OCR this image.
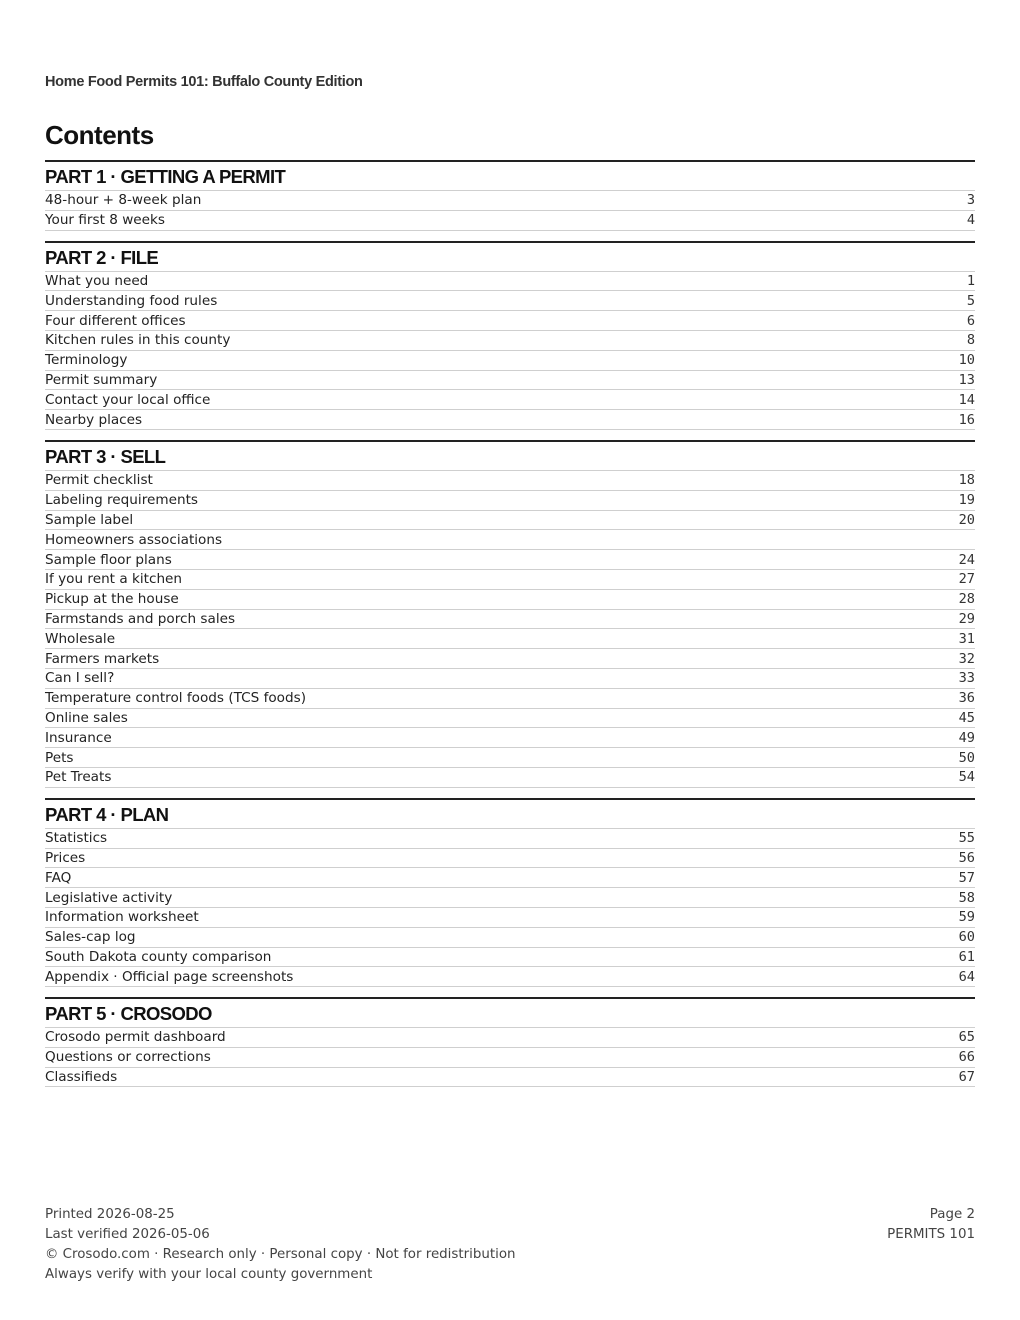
Home Food Permits 101: Buffalo County Edition
Contents
PART 1 · GETTING A PERMIT
48-hour + 8-week plan	3
Your first 8 weeks	4
PART 2 · FILE
What you need	1
Understanding food rules	5
Four different offices	6
Kitchen rules in this county	8
Terminology	10
Permit summary	13
Contact your local office	14
Nearby places	16
PART 3 · SELL
Permit checklist	18
Labeling requirements	19
Sample label	20
Homeowners associations
Sample floor plans	24
If you rent a kitchen	27
Pickup at the house	28
Farmstands and porch sales	29
Wholesale	31
Farmers markets	32
Can I sell?	33
Temperature control foods (TCS foods)	36
Online sales	45
Insurance	49
Pets	50
Pet Treats	54
PART 4 · PLAN
Statistics	55
Prices	56
FAQ	57
Legislative activity	58
Information worksheet	59
Sales-cap log	60
South Dakota county comparison	61
Appendix · Official page screenshots	64
PART 5 · CROSODO
Crosodo permit dashboard	65
Questions or corrections	66
Classifieds	67
Printed 2026-08-25
Last verified 2026-05-06
© Crosodo.com · Research only · Personal copy · Not for redistribution
Always verify with your local county government
Page 2
PERMITS 101
